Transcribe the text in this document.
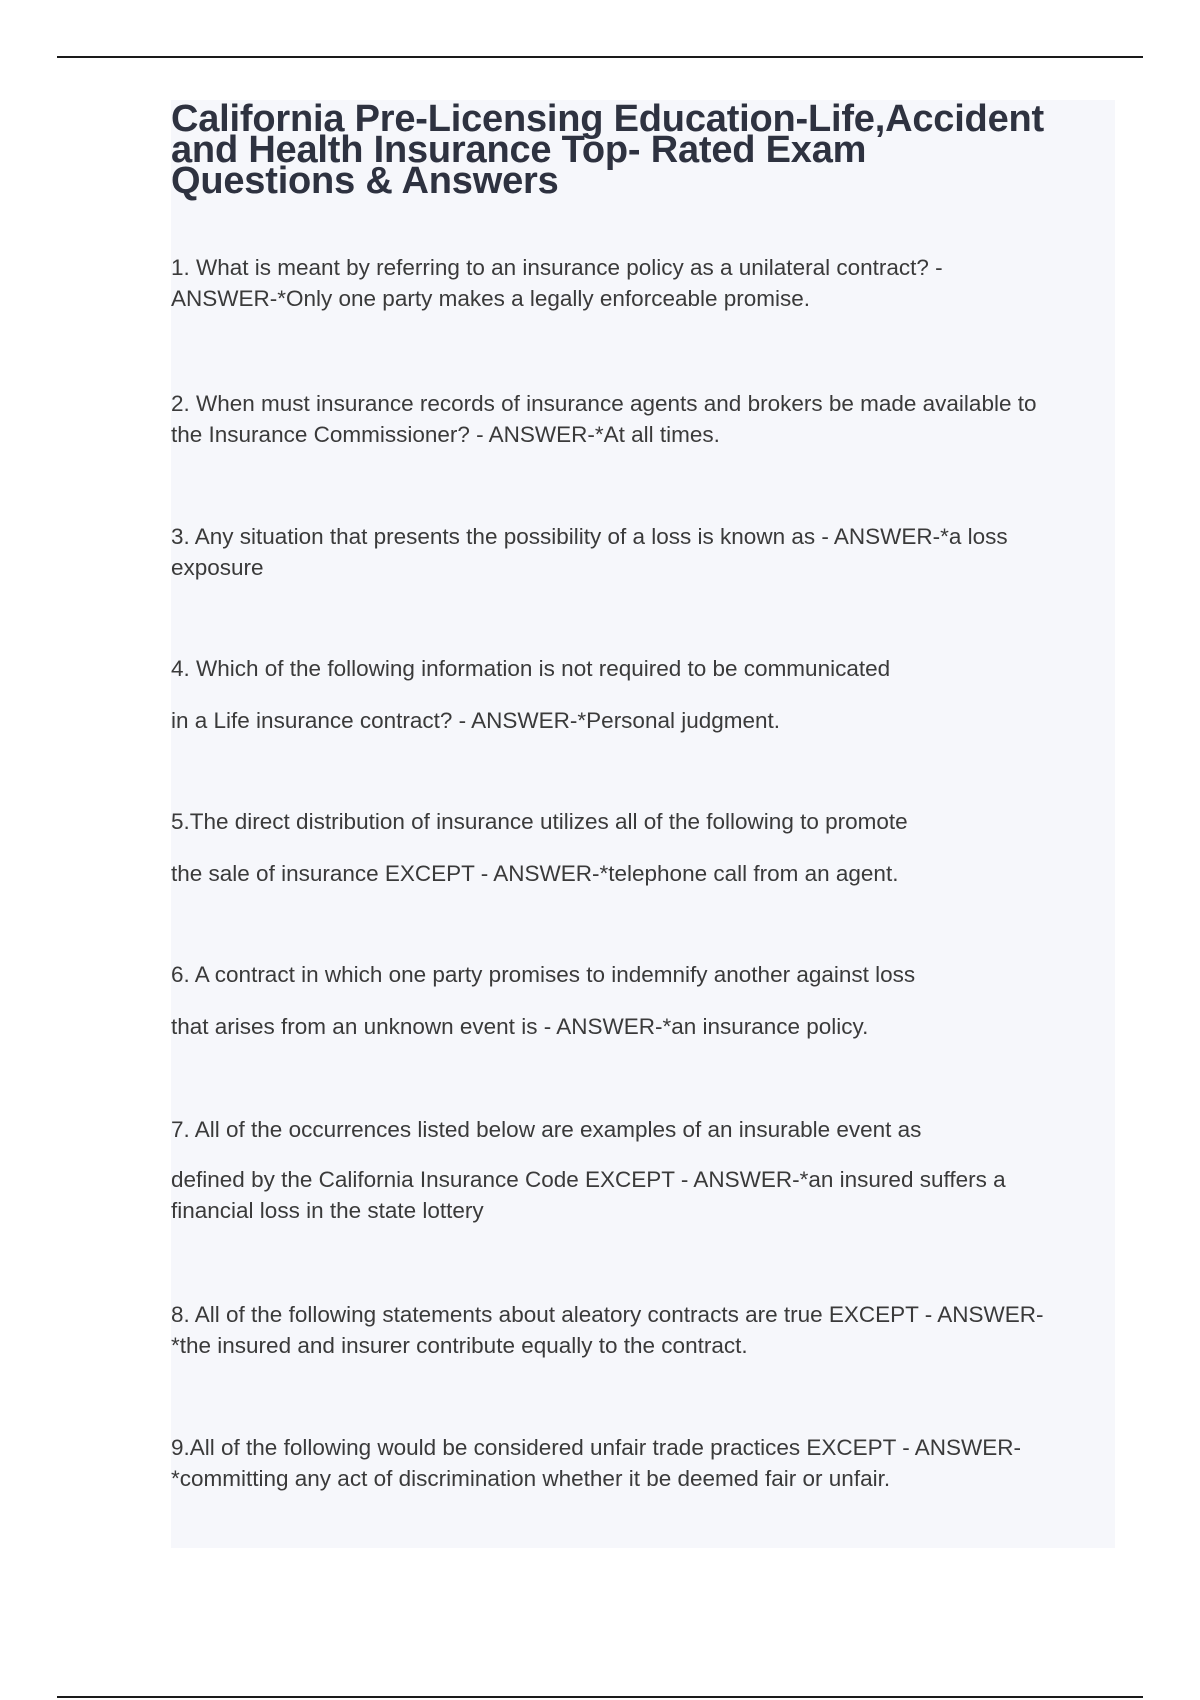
California Pre-Licensing Education-Life,Accident
and Health Insurance Top- Rated Exam
Questions & Answers
1. What is meant by referring to an insurance policy as a unilateral contract? -
ANSWER-*Only one party makes a legally enforceable promise.
2. When must insurance records of insurance agents and brokers be made available to
the Insurance Commissioner? - ANSWER-*At all times.
3. Any situation that presents the possibility of a loss is known as - ANSWER-*a loss
exposure
4. Which of the following information is not required to be communicated
in a Life insurance contract? - ANSWER-*Personal judgment.
5.The direct distribution of insurance utilizes all of the following to promote
the sale of insurance EXCEPT - ANSWER-*telephone call from an agent.
6. A contract in which one party promises to indemnify another against loss
that arises from an unknown event is - ANSWER-*an insurance policy.
7. All of the occurrences listed below are examples of an insurable event as
defined by the California Insurance Code EXCEPT - ANSWER-*an insured suffers a
financial loss in the state lottery
8. All of the following statements about aleatory contracts are true EXCEPT - ANSWER-
*the insured and insurer contribute equally to the contract.
9.All of the following would be considered unfair trade practices EXCEPT - ANSWER-
*committing any act of discrimination whether it be deemed fair or unfair.
